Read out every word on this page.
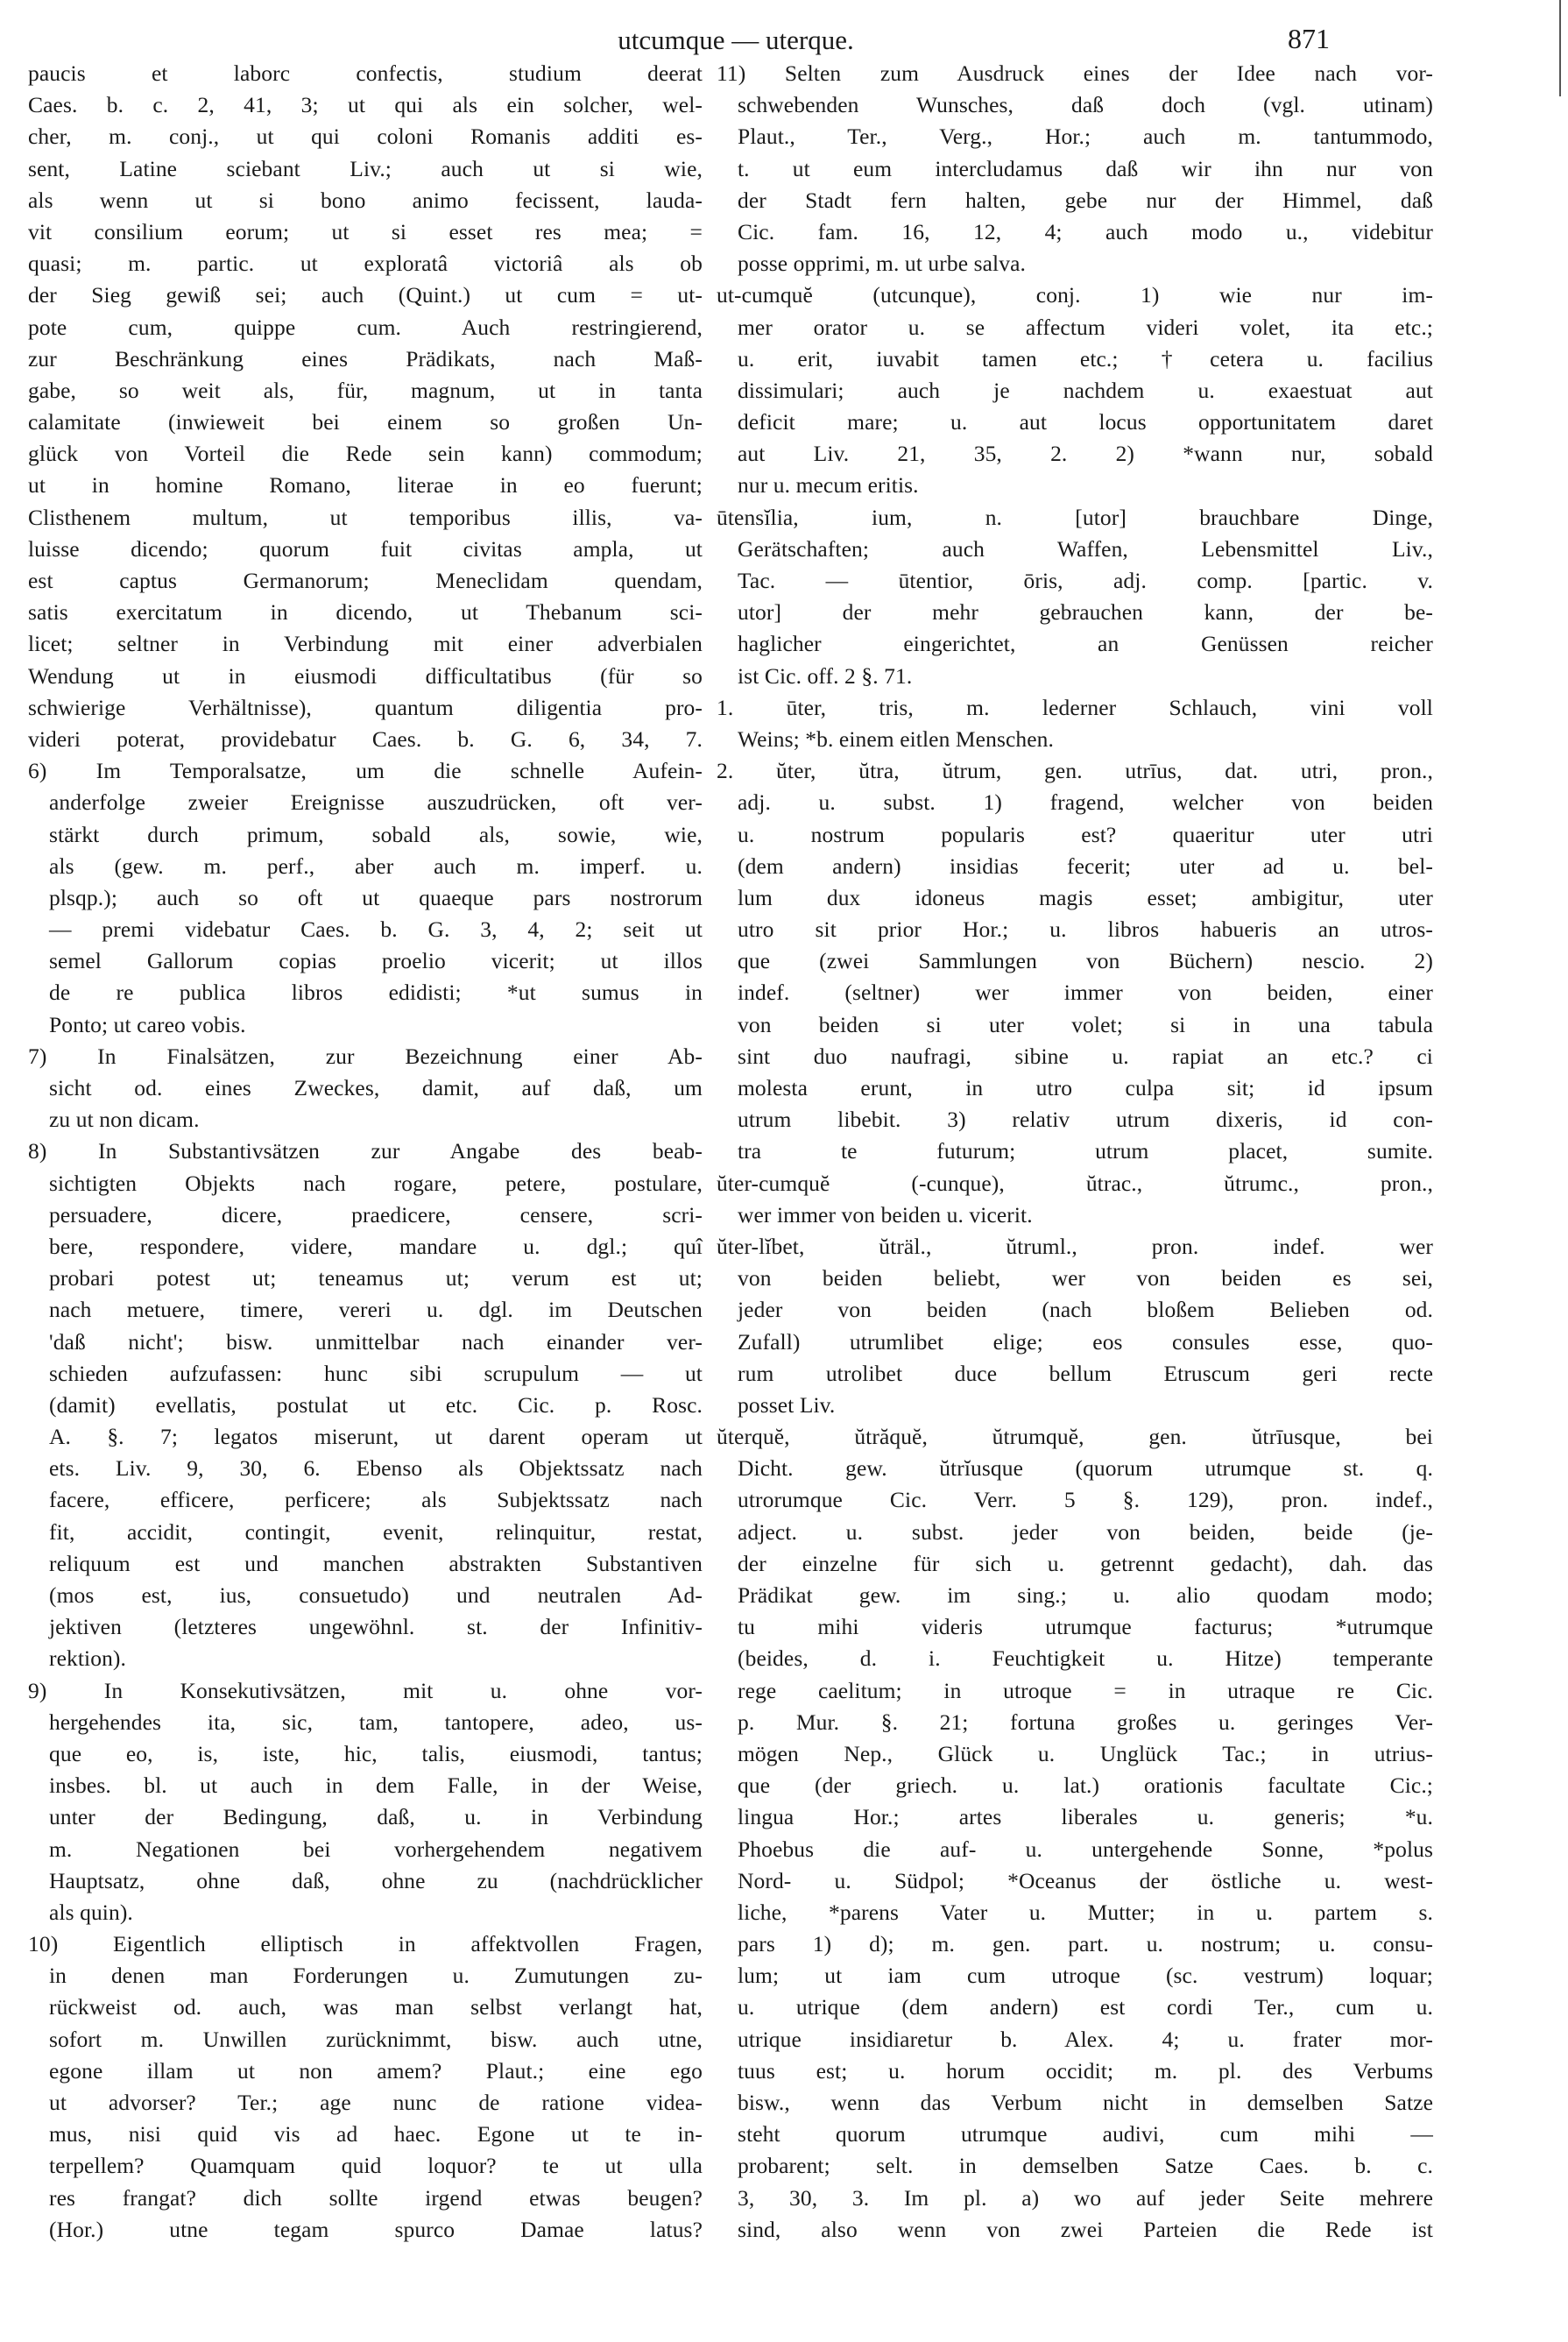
utcumque — uterque.	871
paucis et laborc confectis, studium deerat
Caes. b. c. 2, 41, 3; ut qui als ein solcher, wel-
cher, m. conj., ut qui coloni Romanis additi es-
sent, Latine sciebant Liv.; auch ut si wie,
als wenn ut si bono animo fecissent, lauda-
vit consilium eorum; ut si esset res mea; =
quasi; m. partic. ut exploratâ victoriâ als ob
der Sieg gewiß sei; auch (Quint.) ut cum = ut-
pote cum, quippe cum. Auch restringierend,
zur Beschränkung eines Prädikats, nach Maß-
gabe, so weit als, für, magnum, ut in tanta
calamitate (inwieweit bei einem so großen Un-
glück von Vorteil die Rede sein kann) commodum;
ut in homine Romano, literae in eo fuerunt;
Clisthenem multum, ut temporibus illis, va-
luisse dicendo; quorum fuit civitas ampla, ut
est captus Germanorum; Meneclidam quendam,
satis exercitatum in dicendo, ut Thebanum sci-
licet; seltner in Verbindung mit einer adverbialen
Wendung ut in eiusmodi difficultatibus (für so
schwierige Verhältnisse), quantum diligentia pro-
videri poterat, providebatur Caes. b. G. 6, 34, 7.
6) Im Temporalsatze, um die schnelle Aufein-
anderfolge zweier Ereignisse auszudrücken, oft ver-
stärkt durch primum, sobald als, sowie, wie,
als (gew. m. perf., aber auch m. imperf. u.
plsqp.); auch so oft ut quaeque pars nostrorum
— premi videbatur Caes. b. G. 3, 4, 2; seit ut
semel Gallorum copias proelio vicerit; ut illos
de re publica libros edidisti; *ut sumus in
Ponto; ut careo vobis.
7) In Finalsätzen, zur Bezeichnung einer Ab-
sicht od. eines Zweckes, damit, auf daß, um
zu ut non dicam.
8) In Substantivsätzen zur Angabe des beab-
sichtigten Objekts nach rogare, petere, postulare,
persuadere, dicere, praedicere, censere, scri-
bere, respondere, videre, mandare u. dgl.; quî
probari potest ut; teneamus ut; verum est ut;
nach metuere, timere, vereri u. dgl. im Deutschen
'daß nicht'; bisw. unmittelbar nach einander ver-
schieden aufzufassen: hunc sibi scrupulum — ut
(damit) evellatis, postulat ut etc. Cic. p. Rosc.
A. §. 7; legatos miserunt, ut darent operam ut
ets. Liv. 9, 30, 6. Ebenso als Objektssatz nach
facere, efficere, perficere; als Subjektssatz nach
fit, accidit, contingit, evenit, relinquitur, restat,
reliquum est und manchen abstrakten Substantiven
(mos est, ius, consuetudo) und neutralen Ad-
jektiven (letzteres ungewöhnl. st. der Infinitiv-
rektion).
9) In Konsekutivsätzen, mit u. ohne vor-
hergehendes ita, sic, tam, tantopere, adeo, us-
que eo, is, iste, hic, talis, eiusmodi, tantus;
insbes. bl. ut auch in dem Falle, in der Weise,
unter der Bedingung, daß, u. in Verbindung
m. Negationen bei vorhergehendem negativem
Hauptsatz, ohne daß, ohne zu (nachdrücklicher
als quin).
10) Eigentlich elliptisch in affektvollen Fragen,
in denen man Forderungen u. Zumutungen zu-
rückweist od. auch, was man selbst verlangt hat,
sofort m. Unwillen zurücknimmt, bisw. auch utne,
egone illam ut non amem? Plaut.; eine ego
ut advorser? Ter.; age nunc de ratione videa-
mus, nisi quid vis ad haec. Egone ut te in-
terpellem? Quamquam quid loquor? te ut ulla
res frangat? dich sollte irgend etwas beugen?
(Hor.) utne tegam spurco Damae latus?
11) Selten zum Ausdruck eines der Idee nach vor-
schwebenden Wunsches, daß doch (vgl. utinam)
Plaut., Ter., Verg., Hor.; auch m. tantummodo,
t. ut eum intercludamus daß wir ihn nur von
der Stadt fern halten, gebe nur der Himmel, daß
Cic. fam. 16, 12, 4; auch modo u., videbitur
posse opprimi, m. ut urbe salva.
ut-cumquĕ (utcunque), conj. 1) wie nur im-
mer orator u. se affectum videri volet, ita etc.;
u. erit, iuvabit tamen etc.; †cetera u. facilius
dissimulari; auch je nachdem u. exaestuat aut
deficit mare; u. aut locus opportunitatem daret
aut Liv. 21, 35, 2. 2) *wann nur, sobald
nur u. mecum eritis.
ūtensĭlia, ium, n. [utor] brauchbare Dinge,
Gerätschaften; auch Waffen, Lebensmittel Liv.,
Tac. — ūtentior, ōris, adj. comp. [partic. v.
utor] der mehr gebrauchen kann, der be-
haglicher eingerichtet, an Genüssen reicher
ist Cic. off. 2 §. 71.
1. ūter, tris, m. lederner Schlauch, vini voll
Weins; *b. einem eitlen Menschen.
2. ŭter, ŭtra, ŭtrum, gen. utrīus, dat. utri, pron.,
adj. u. subst. 1) fragend, welcher von beiden
u. nostrum popularis est? quaeritur uter utri
(dem andern) insidias fecerit; uter ad u. bel-
lum dux idoneus magis esset; ambigitur, uter
utro sit prior Hor.; u. libros habueris an utros-
que (zwei Sammlungen von Büchern) nescio. 2)
indef. (seltner) wer immer von beiden, einer
von beiden si uter volet; si in una tabula
sint duo naufragi, sibine u. rapiat an etc.? ci
molesta erunt, in utro culpa sit; id ipsum
utrum libebit. 3) relativ utrum dixeris, id con-
tra te futurum; utrum placet, sumite.
ŭter-cumquĕ (-cunque), ŭtrac., ŭtrumc., pron.,
wer immer von beiden u. vicerit.
ŭter-lĭbet, ŭträl., ŭtruml., pron. indef. wer
von beiden beliebt, wer von beiden es sei,
jeder von beiden (nach bloßem Belieben od.
Zufall) utrumlibet elige; eos consules esse, quo-
rum utrolibet duce bellum Etruscum geri recte
posset Liv.
ŭterquĕ, ŭtrăquĕ, ŭtrumquĕ, gen. ŭtrīusque, bei
Dicht. gew. ŭtrĭusque (quorum utrumque st. q.
utrorumque Cic. Verr. 5 §. 129), pron. indef.,
adject. u. subst. jeder von beiden, beide (je-
der einzelne für sich u. getrennt gedacht), dah. das
Prädikat gew. im sing.; u. alio quodam modo;
tu mihi videris utrumque facturus; *utrumque
(beides, d. i. Feuchtigkeit u. Hitze) temperante
rege caelitum; in utroque = in utraque re Cic.
p. Mur. §. 21; fortuna großes u. geringes Ver-
mögen Nep., Glück u. Unglück Tac.; in utrius-
que (der griech. u. lat.) orationis facultate Cic.;
lingua Hor.; artes liberales u. generis; *u.
Phoebus die auf- u. untergehende Sonne, *polus
Nord- u. Südpol; *Oceanus der östliche u. west-
liche, *parens Vater u. Mutter; in u. partem s.
pars 1) d); m. gen. part. u. nostrum; u. consu-
lum; ut iam cum utroque (sc. vestrum) loquar;
u. utrique (dem andern) est cordi Ter., cum u.
utrique insidiaretur b. Alex. 4; u. frater mor-
tuus est; u. horum occidit; m. pl. des Verbums
bisw., wenn das Verbum nicht in demselben Satze
steht quorum utrumque audivi, cum mihi —
probarent; selt. in demselben Satze Caes. b. c.
3, 30, 3. Im pl. a) wo auf jeder Seite mehrere
sind, also wenn von zwei Parteien die Rede ist
